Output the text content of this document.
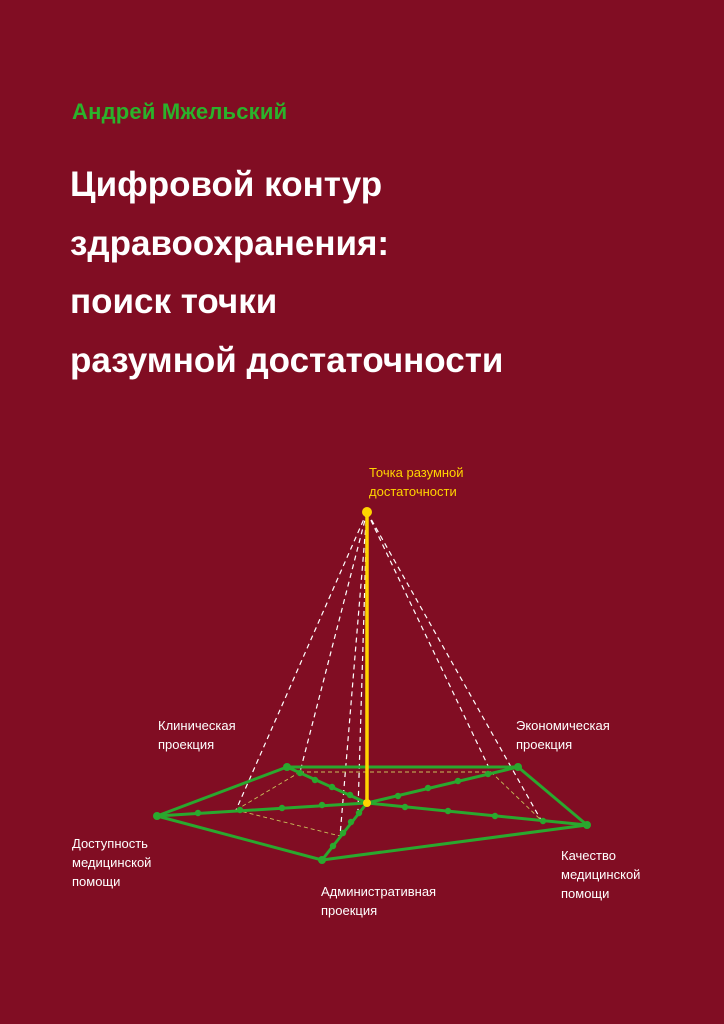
Андрей Мжельский
Цифровой контур
здравоохранения:
поиск точки
разумной достаточности
Точка разумной
достаточности
Клиническая
проекция
Экономическая
проекция
Доступность
медицинской
помощи
Качество
медицинской
помощи
Административная
проекция
